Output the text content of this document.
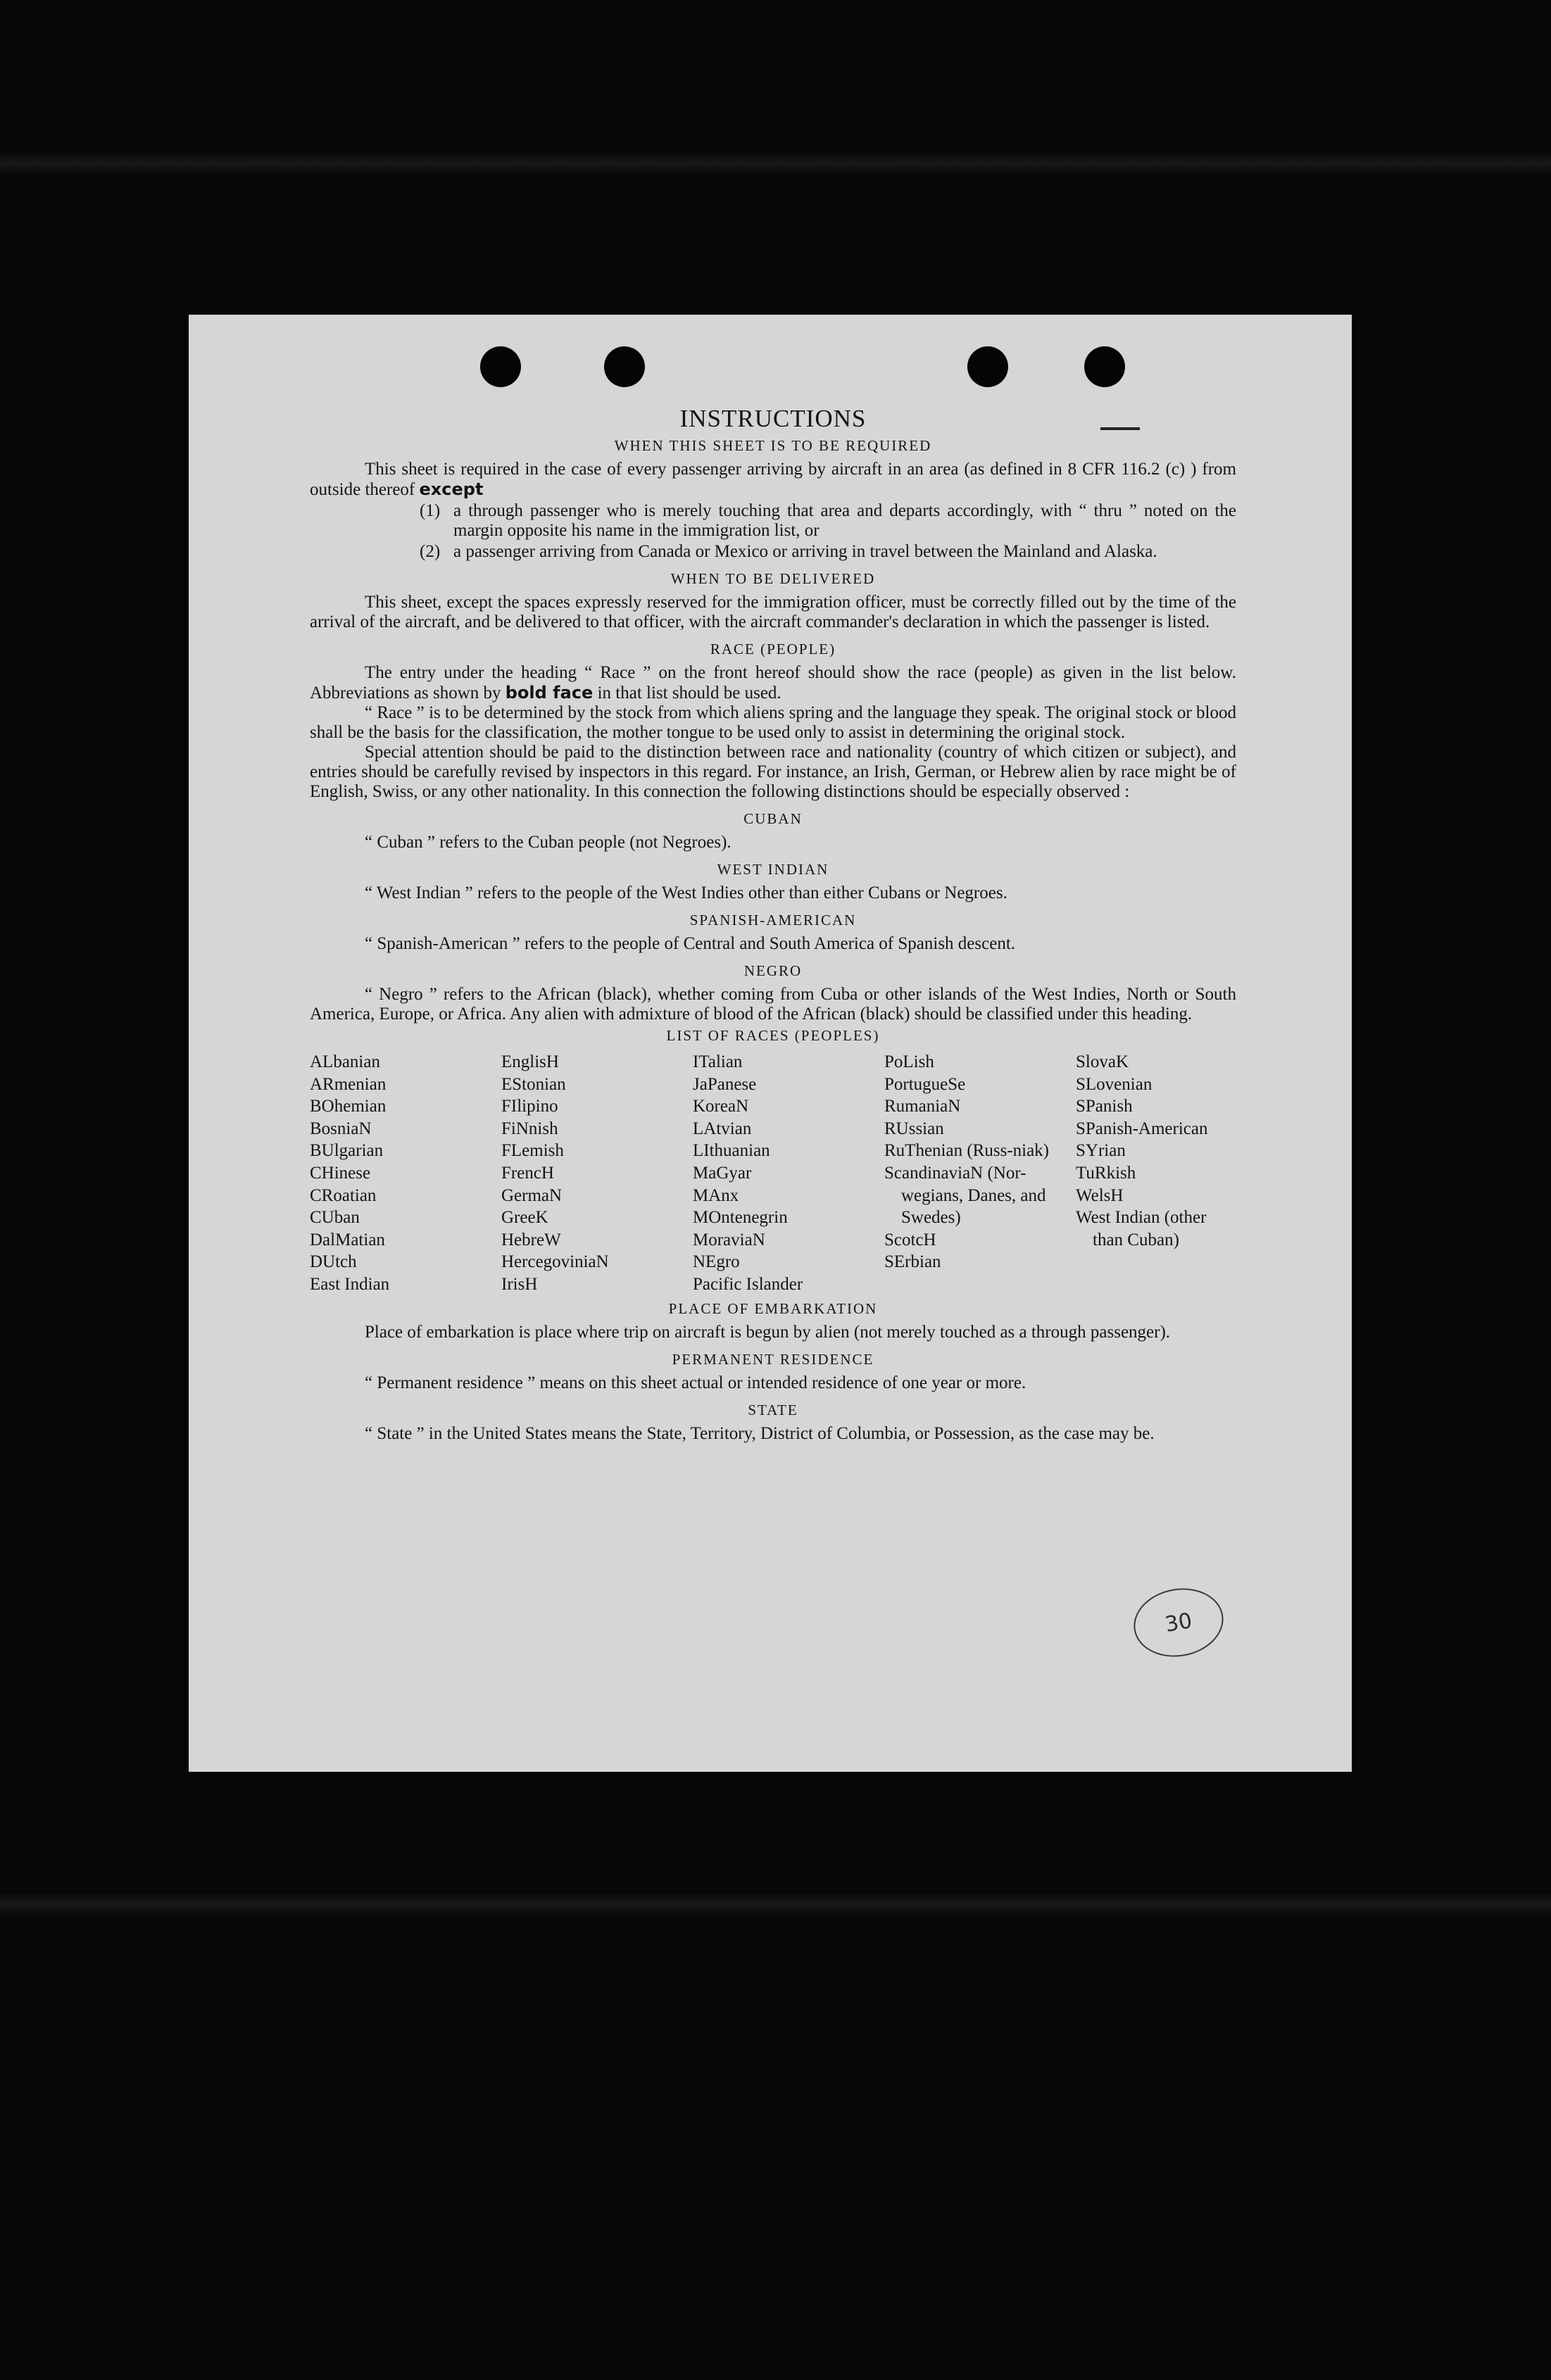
INSTRUCTIONS
WHEN THIS SHEET IS TO BE REQUIRED

This sheet is required in the case of every passenger arriving by aircraft in an area (as defined in 8 CFR 116.2 (c) ) from outside thereof except

(1) a through passenger who is merely touching that area and departs accordingly, with “ thru ” noted on the margin opposite his name in the immigration list, or
(2) a passenger arriving from Canada or Mexico or arriving in travel between the Mainland and Alaska.
WHEN TO BE DELIVERED

This sheet, except the spaces expressly reserved for the immigration officer, must be correctly filled out by the time of the arrival of the aircraft, and be delivered to that officer, with the aircraft commander's declaration in which the passenger is listed.

RACE (PEOPLE)

The entry under the heading “ Race ” on the front hereof should show the race (people) as given in the list below. Abbreviations as shown by bold face in that list should be used.

“ Race ” is to be determined by the stock from which aliens spring and the language they speak. The original stock or blood shall be the basis for the classification, the mother tongue to be used only to assist in determining the original stock.

Special attention should be paid to the distinction between race and nationality (country of which citizen or subject), and entries should be carefully revised by inspectors in this regard. For instance, an Irish, German, or Hebrew alien by race might be of English, Swiss, or any other nationality. In this connection the following distinctions should be especially observed :

CUBAN

“ Cuban ” refers to the Cuban people (not Negroes).

WEST INDIAN

“ West Indian ” refers to the people of the West Indies other than either Cubans or Negroes.

SPANISH-AMERICAN

“ Spanish-American ” refers to the people of Central and South America of Spanish descent.

NEGRO

“ Negro ” refers to the African (black), whether coming from Cuba or other islands of the West Indies, North or South America, Europe, or Africa. Any alien with admixture of blood of the African (black) should be classified under this heading.

LIST OF RACES (PEOPLES)
ALbanian
ARmenian
BOhemian
BosniaN
BUlgarian
CHinese
CRoatian
CUban
DalMatian
DUtch
East Indian
EnglisH
EStonian
FIlipino
FiNnish
FLemish
FrencH
GermaN
GreeK
HebreW
HercegoviniaN
IrisH
ITalian
JaPanese
KoreaN
LAtvian
LIthuanian
MaGyar
MAnx
MOntenegrin
MoraviaN
NEgro
Pacific Islander
PoLish
PortugueSe
RumaniaN
RUssian
RuThenian (Russ-niak)
ScandinaviaN (Nor-wegians, Danes, and Swedes)
ScotcH
SErbian
SlovaK
SLovenian
SPanish
SPanish-American
SYrian
TuRkish
WelsH
West Indian (other than Cuban)
PLACE OF EMBARKATION

Place of embarkation is place where trip on aircraft is begun by alien (not merely touched as a through passenger).

PERMANENT RESIDENCE

“ Permanent residence ” means on this sheet actual or intended residence of one year or more.

STATE

“ State ” in the United States means the State, Territory, District of Columbia, or Possession, as the case may be.

30
